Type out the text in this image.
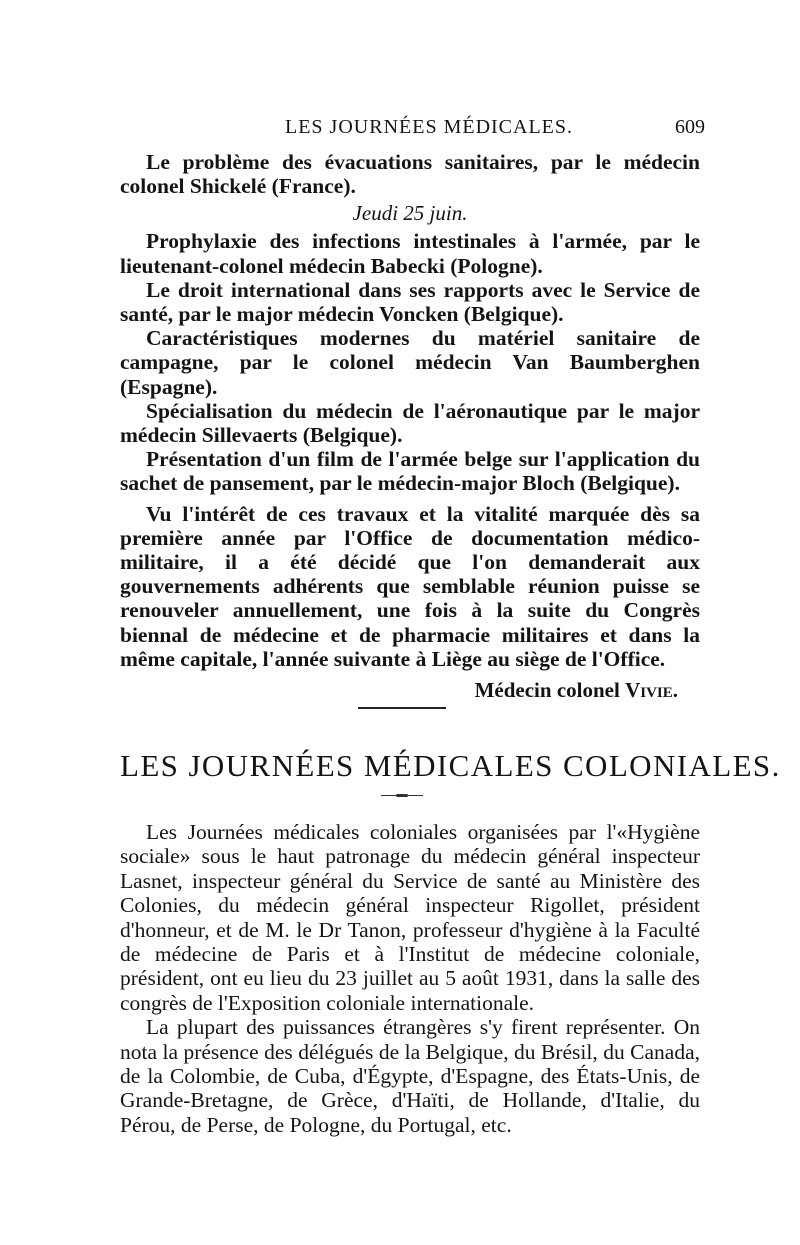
LES JOURNÉES MÉDICALES.	609

Le problème des évacuations sanitaires, par le médecin colonel Shickelé (France).

Jeudi 25 juin.

Prophylaxie des infections intestinales à l'armée, par le lieutenant-colonel médecin Babecki (Pologne).

Le droit international dans ses rapports avec le Service de santé, par le major médecin Voncken (Belgique).

Caractéristiques modernes du matériel sanitaire de campagne, par le colonel médecin Van Baumberghen (Espagne).

Spécialisation du médecin de l'aéronautique par le major médecin Sillevaerts (Belgique).

Présentation d'un film de l'armée belge sur l'application du sachet de pansement, par le médecin-major Bloch (Belgique).

Vu l'intérêt de ces travaux et la vitalité marquée dès sa première année par l'Office de documentation médico-militaire, il a été décidé que l'on demanderait aux gouvernements adhérents que semblable réunion puisse se renouveler annuellement, une fois à la suite du Congrès biennal de médecine et de pharmacie militaires et dans la même capitale, l'année suivante à Liège au siège de l'Office.

Médecin colonel Vivie.
LES JOURNÉES MÉDICALES COLONIALES.

Les Journées médicales coloniales organisées par l'«Hygiène sociale» sous le haut patronage du médecin général inspecteur Lasnet, inspecteur général du Service de santé au Ministère des Colonies, du médecin général inspecteur Rigollet, président d'honneur, et de M. le Dr Tanon, professeur d'hygiène à la Faculté de médecine de Paris et à l'Institut de médecine coloniale, président, ont eu lieu du 23 juillet au 5 août 1931, dans la salle des congrès de l'Exposition coloniale internationale.

La plupart des puissances étrangères s'y firent représenter. On nota la présence des délégués de la Belgique, du Brésil, du Canada, de la Colombie, de Cuba, d'Égypte, d'Espagne, des États-Unis, de Grande-Bretagne, de Grèce, d'Haïti, de Hollande, d'Italie, du Pérou, de Perse, de Pologne, du Portugal, etc.
